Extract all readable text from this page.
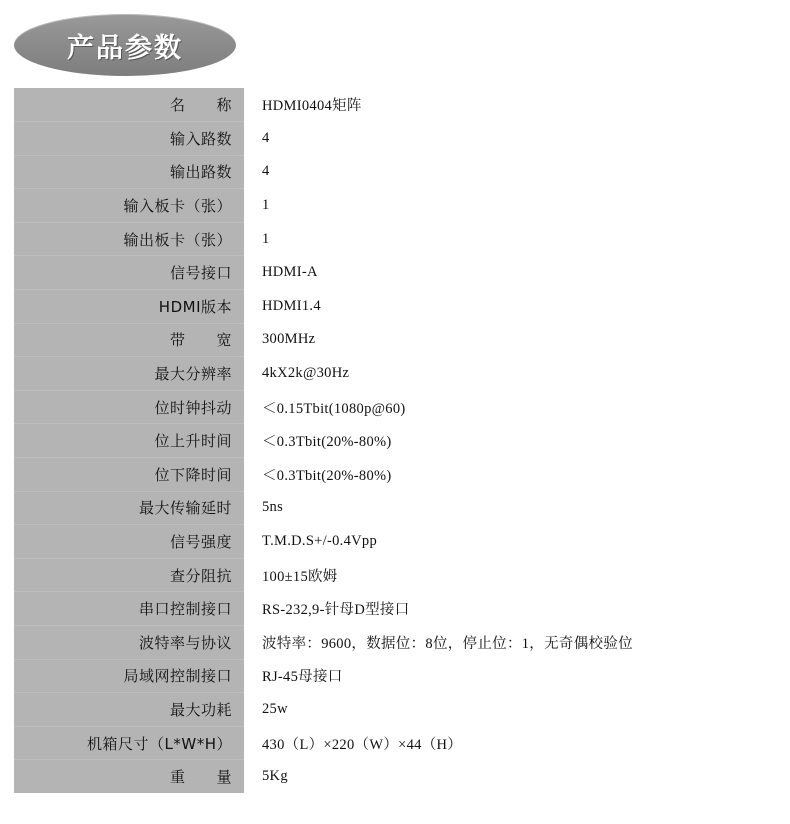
产品参数
名　　称	HDMI0404矩阵
输入路数	4
输出路数	4
输入板卡（张）	1
输出板卡（张）	1
信号接口	HDMI-A
HDMI版本	HDMI1.4
带　　宽	300MHz
最大分辨率	4kX2k@30Hz
位时钟抖动	＜0.15Tbit(1080p@60)
位上升时间	＜0.3Tbit(20%-80%)
位下降时间	＜0.3Tbit(20%-80%)
最大传输延时	5ns
信号强度	T.M.D.S+/-0.4Vpp
查分阻抗	100±15欧姆
串口控制接口	RS-232,9-针母D型接口
波特率与协议	波特率：9600，数据位：8位，停止位：1，无奇偶校验位
局域网控制接口	RJ-45母接口
最大功耗	25w
机箱尺寸（L*W*H）	430（L）×220（W）×44（H）
重　　量	5Kg
